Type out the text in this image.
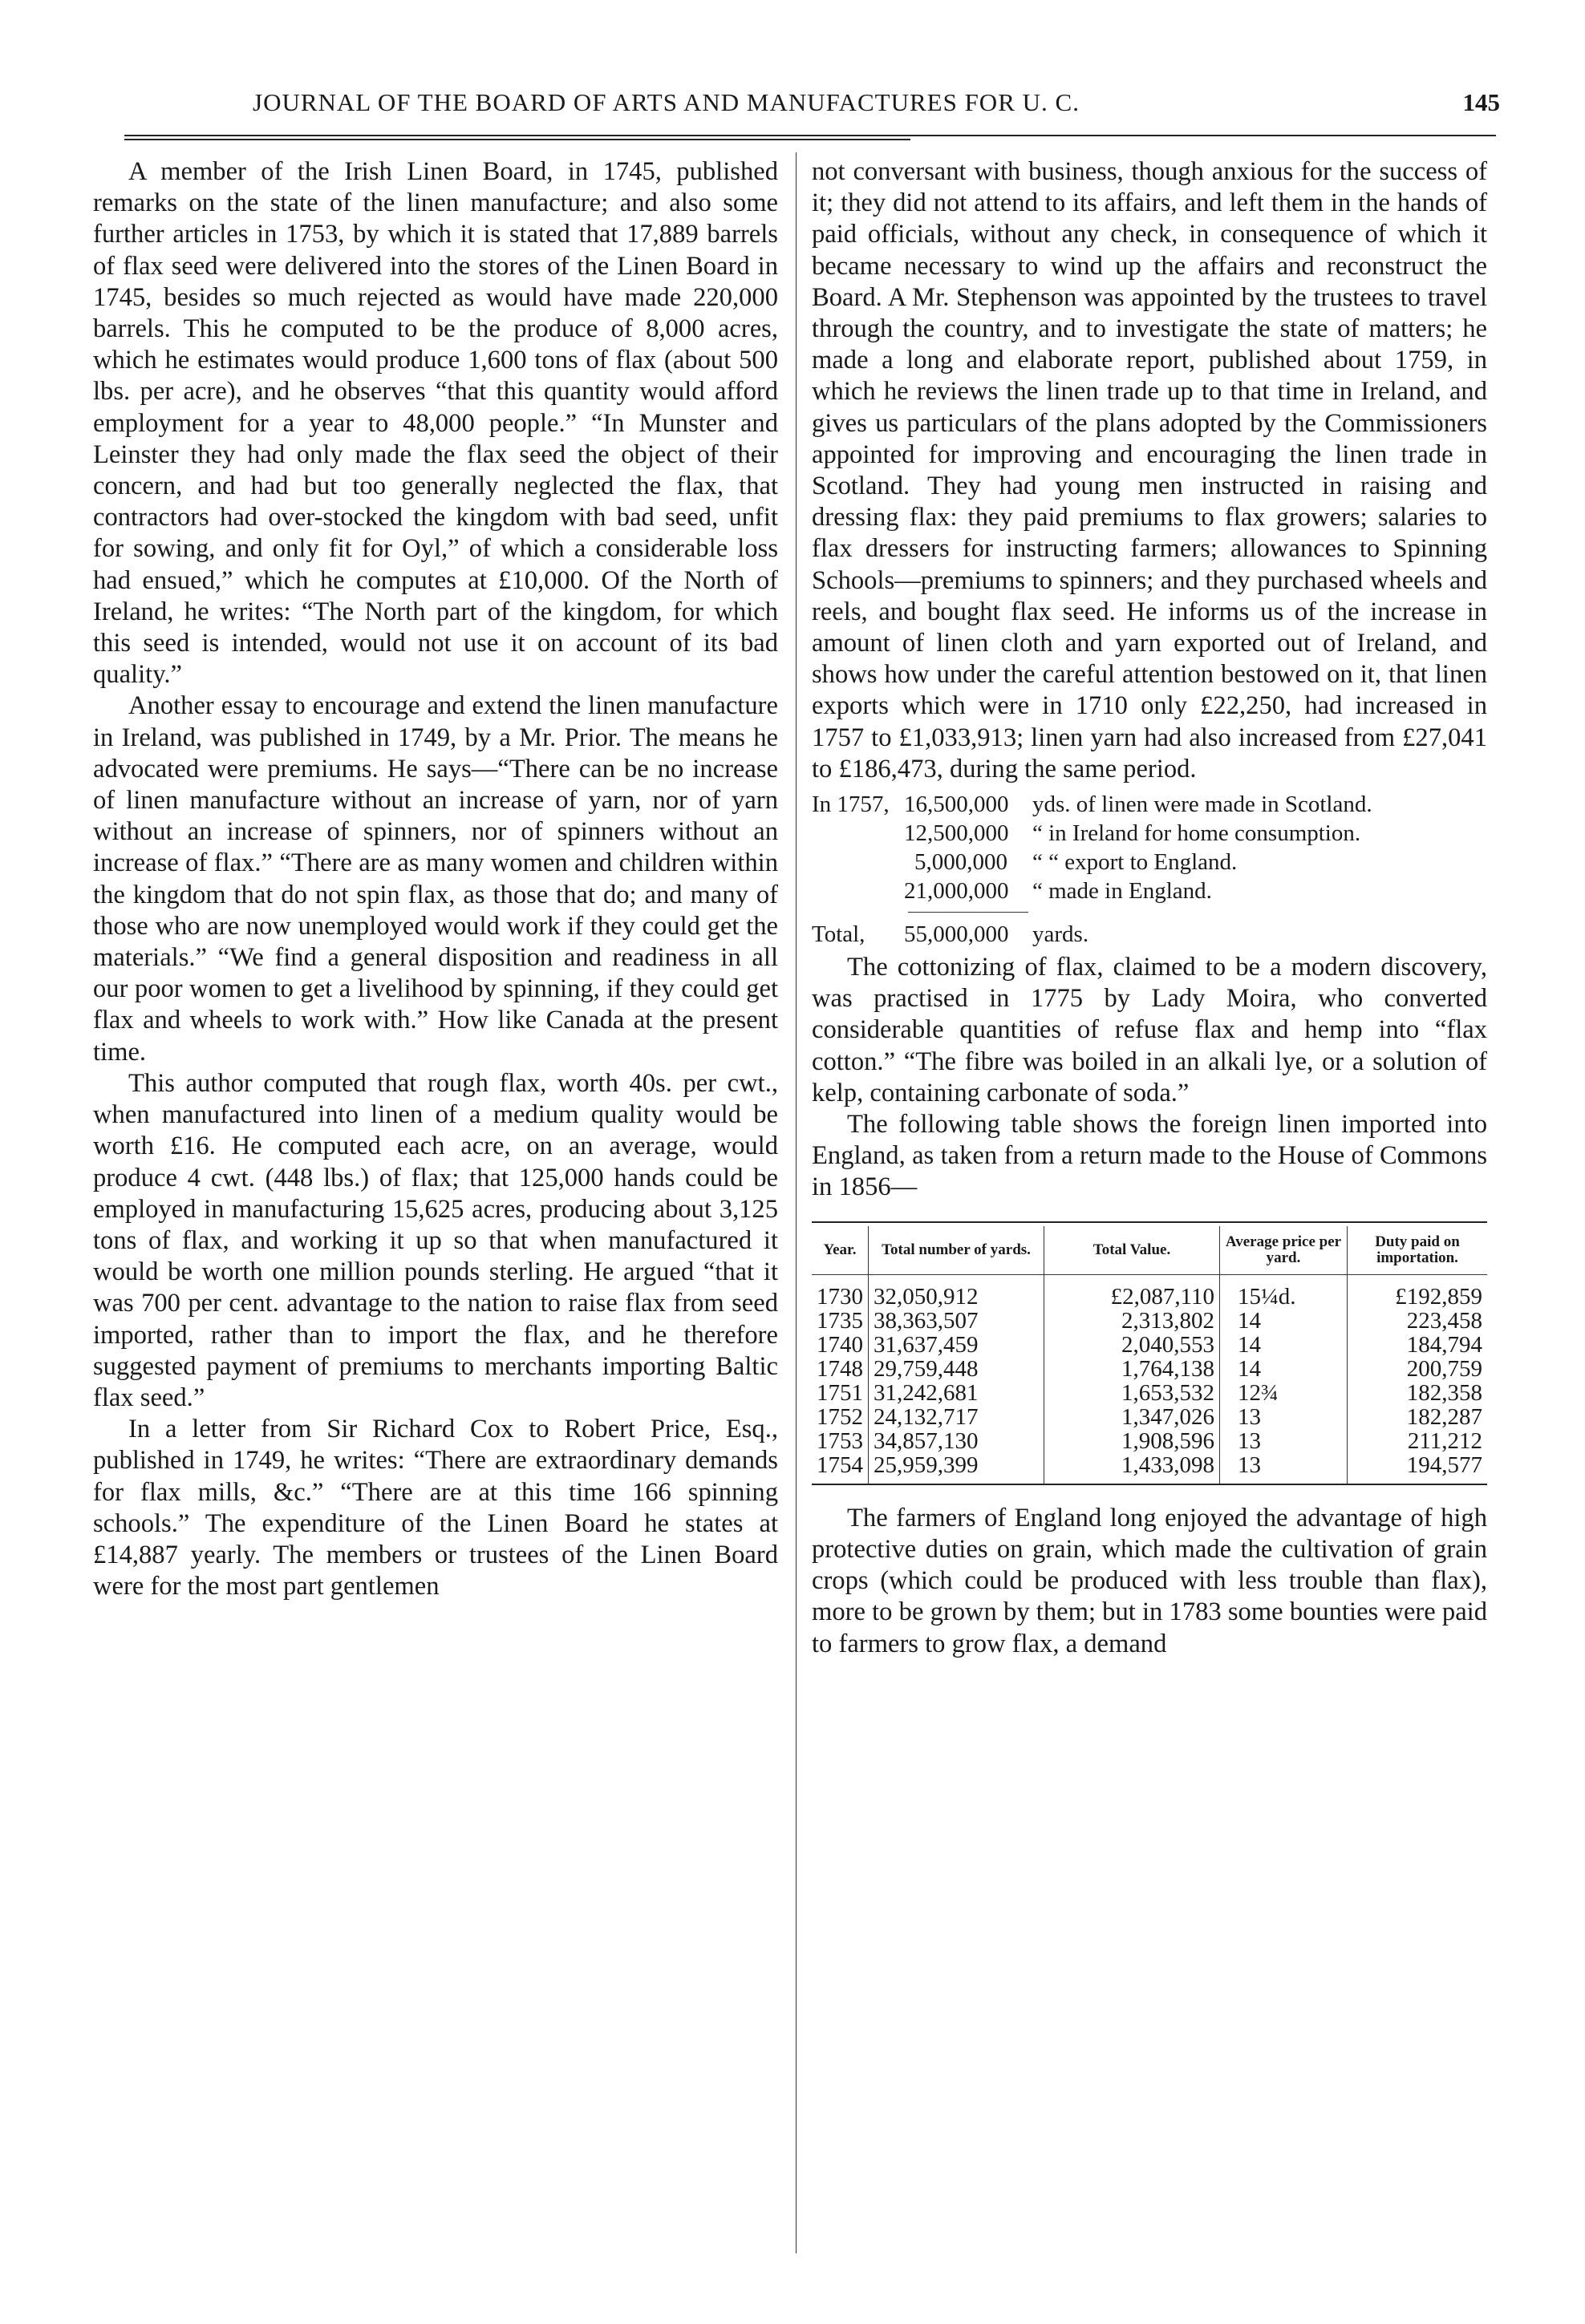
JOURNAL OF THE BOARD OF ARTS AND MANUFACTURES FOR U. C.	145

A member of the Irish Linen Board, in 1745, published remarks on the state of the linen manufacture; and also some further articles in 1753, by which it is stated that 17,889 barrels of flax seed were delivered into the stores of the Linen Board in 1745, besides so much rejected as would have made 220,000 barrels. This he computed to be the produce of 8,000 acres, which he estimates would produce 1,600 tons of flax (about 500 lbs. per acre), and he observes “that this quantity would afford employment for a year to 48,000 people.” “In Munster and Leinster they had only made the flax seed the object of their concern, and had but too generally neglected the flax, that contractors had over-stocked the kingdom with bad seed, unfit for sowing, and only fit for Oyl,” of which a considerable loss had ensued,” which he computes at £10,000. Of the North of Ireland, he writes: “The North part of the kingdom, for which this seed is intended, would not use it on account of its bad quality.”

Another essay to encourage and extend the linen manufacture in Ireland, was published in 1749, by a Mr. Prior. The means he advocated were premiums. He says—“There can be no increase of linen manufacture without an increase of yarn, nor of yarn without an increase of spinners, nor of spinners without an increase of flax.” “There are as many women and children within the kingdom that do not spin flax, as those that do; and many of those who are now unemployed would work if they could get the materials.” “We find a general disposition and readiness in all our poor women to get a livelihood by spinning, if they could get flax and wheels to work with.” How like Canada at the present time.

This author computed that rough flax, worth 40s. per cwt., when manufactured into linen of a medium quality would be worth £16. He computed each acre, on an average, would produce 4 cwt. (448 lbs.) of flax; that 125,000 hands could be employed in manufacturing 15,625 acres, producing about 3,125 tons of flax, and working it up so that when manufactured it would be worth one million pounds sterling. He argued “that it was 700 per cent. advantage to the nation to raise flax from seed imported, rather than to import the flax, and he therefore suggested payment of premiums to merchants importing Baltic flax seed.”

In a letter from Sir Richard Cox to Robert Price, Esq., published in 1749, he writes: “There are extraordinary demands for flax mills, &c.” “There are at this time 166 spinning schools.” The expenditure of the Linen Board he states at £14,887 yearly. The members or trustees of the Linen Board were for the most part gentlemen

not conversant with business, though anxious for the success of it; they did not attend to its affairs, and left them in the hands of paid officials, without any check, in consequence of which it became necessary to wind up the affairs and reconstruct the Board. A Mr. Stephenson was appointed by the trustees to travel through the country, and to investigate the state of matters; he made a long and elaborate report, published about 1759, in which he reviews the linen trade up to that time in Ireland, and gives us particulars of the plans adopted by the Commissioners appointed for improving and encouraging the linen trade in Scotland. They had young men instructed in raising and dressing flax: they paid premiums to flax growers; salaries to flax dressers for instructing farmers; allowances to Spinning Schools—premiums to spinners; and they purchased wheels and reels, and bought flax seed. He informs us of the increase in amount of linen cloth and yarn exported out of Ireland, and shows how under the careful attention bestowed on it, that linen exports which were in 1710 only £22,250, had increased in 1757 to £1,033,913; linen yarn had also increased from £27,041 to £186,473, during the same period.

In 1757, 16,500,000 yds. of linen were made in Scotland.
12,500,000 “ in Ireland for home consumption.
5,000,000 “ “ export to England.
21,000,000 “ made in England.
Total, 55,000,000 yards.

The cottonizing of flax, claimed to be a modern discovery, was practised in 1775 by Lady Moira, who converted considerable quantities of refuse flax and hemp into “flax cotton.” “The fibre was boiled in an alkali lye, or a solution of kelp, containing carbonate of soda.”

The following table shows the foreign linen imported into England, as taken from a return made to the House of Commons in 1856—

Year.	Total number of yards.	Total Value.	Average price per yard.	Duty paid on importation.
1730	32,050,912	£2,087,110	15¼d.	£192,859
1735	38,363,507	2,313,802	14	223,458
1740	31,637,459	2,040,553	14	184,794
1748	29,759,448	1,764,138	14	200,759
1751	31,242,681	1,653,532	12¾	182,358
1752	24,132,717	1,347,026	13	182,287
1753	34,857,130	1,908,596	13	211,212
1754	25,959,399	1,433,098	13	194,577

The farmers of England long enjoyed the advantage of high protective duties on grain, which made the cultivation of grain crops (which could be produced with less trouble than flax), more to be grown by them; but in 1783 some bounties were paid to farmers to grow flax, a demand
